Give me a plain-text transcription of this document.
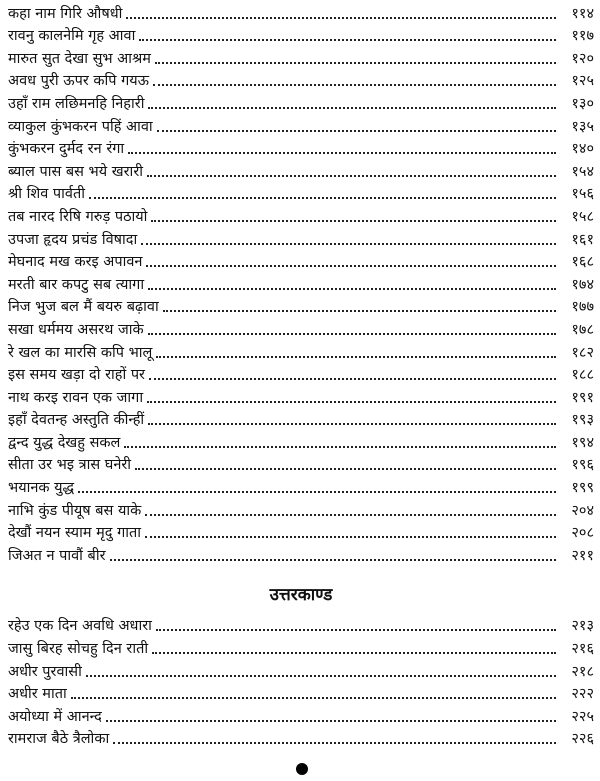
कहा नाम गिरि औषधी	११४
रावनु कालनेमि गृह आवा	११७
मारुत सुत देखा सुभ आश्रम	१२०
अवध पुरी ऊपर कपि गयऊ	१२५
उहाँ राम लछिमनहि निहारी	१३०
व्याकुल कुंभकरन पहिं आवा	१३५
कुंभकरन दुर्मद रन रंगा	१४०
ब्याल पास बस भये खरारी	१५४
श्री शिव पार्वती	१५६
तब नारद रिषि गरुड़ पठायो	१५८
उपजा हृदय प्रचंड विषादा	१६१
मेघनाद मख करइ अपावन	१६८
मरती बार कपटु सब त्यागा	१७४
निज भुज बल मैं बयरु बढ़ावा	१७७
सखा धर्ममय असरथ जाके	१७८
रे खल का मारसि कपि भालू	१८२
इस समय खड़ा दो राहों पर	१८८
नाथ करइ रावन एक जागा	१९१
इहाँ देवतन्ह अस्तुति कीन्हीं	१९३
द्वन्द युद्ध देखहु सकल	१९४
सीता उर भइ त्रास घनेरी	१९६
भयानक युद्ध	१९९
नाभि कुंड पीयूष बस याके	२०४
देखौं नयन स्याम मृदु गाता	२०८
जिअत न पावौं बीर	२११
उत्तरकाण्ड
रहेउ एक दिन अवधि अधारा	२१३
जासु बिरह सोचहु दिन राती	२१६
अधीर पुरवासी	२१८
अधीर माता	२२२
अयोध्या में आनन्द	२२५
रामराज बैठे त्रैलोका	२२६
